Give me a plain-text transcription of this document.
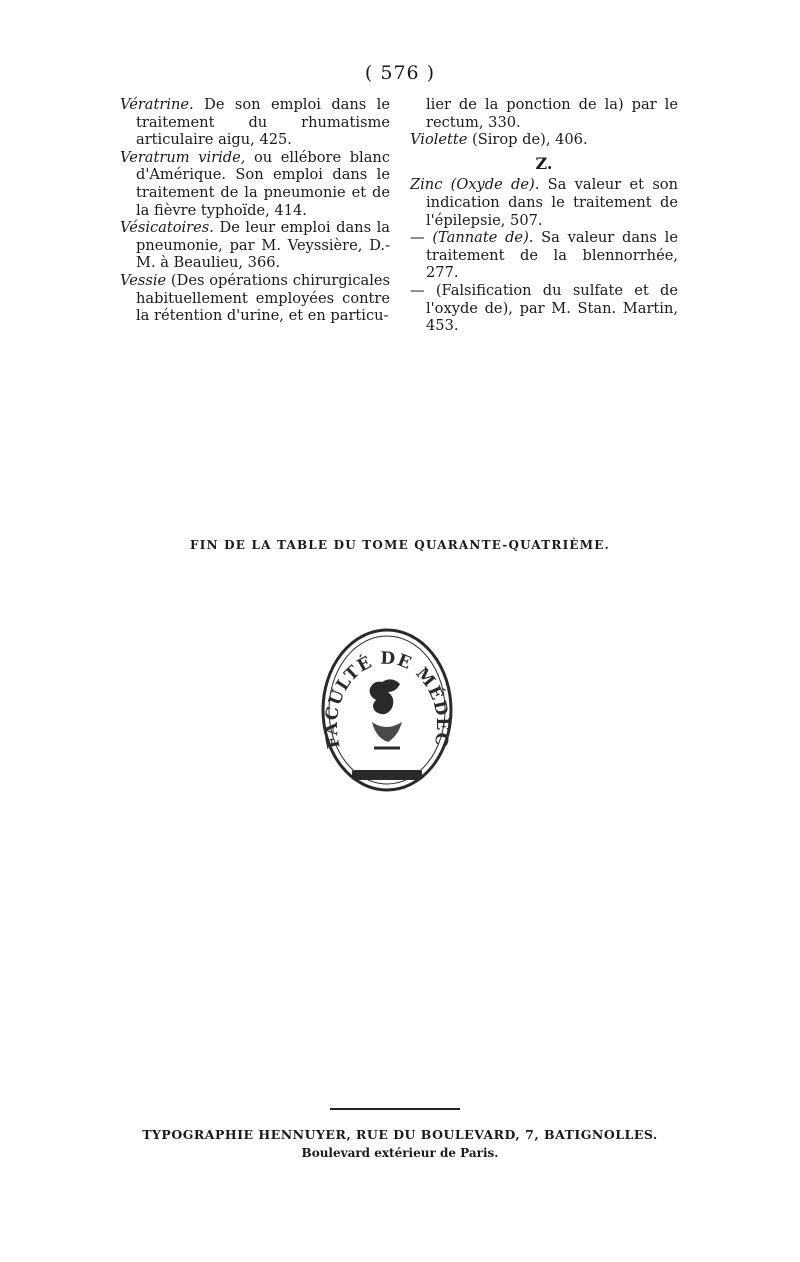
( 576 )

Vératrine. De son emploi dans le traitement du rhumatisme articulaire aigu, 425.

Veratrum viride, ou ellébore blanc d'Amérique. Son emploi dans le traitement de la pneumonie et de la fièvre typhoïde, 414.

Vésicatoires. De leur emploi dans la pneumonie, par M. Veyssière, D.-M. à Beaulieu, 366.

Vessie (Des opérations chirurgicales habituellement employées contre la rétention d'urine, et en particu-

lier de la ponction de la) par le rectum, 330.

Violette (Sirop de), 406.

Z.

Zinc (Oxyde de). Sa valeur et son indication dans le traitement de l'épilepsie, 507.

— (Tannate de). Sa valeur dans le traitement de la blennorrhée, 277.

— (Falsification du sulfate et de l'oxyde de), par M. Stan. Martin, 453.

FIN DE LA TABLE DU TOME QUARANTE-QUATRIÈME.
FACULTÉ DE MÉDEC
TYPOGRAPHIE HENNUYER, RUE DU BOULEVARD, 7, BATIGNOLLES.
Boulevard extérieur de Paris.
